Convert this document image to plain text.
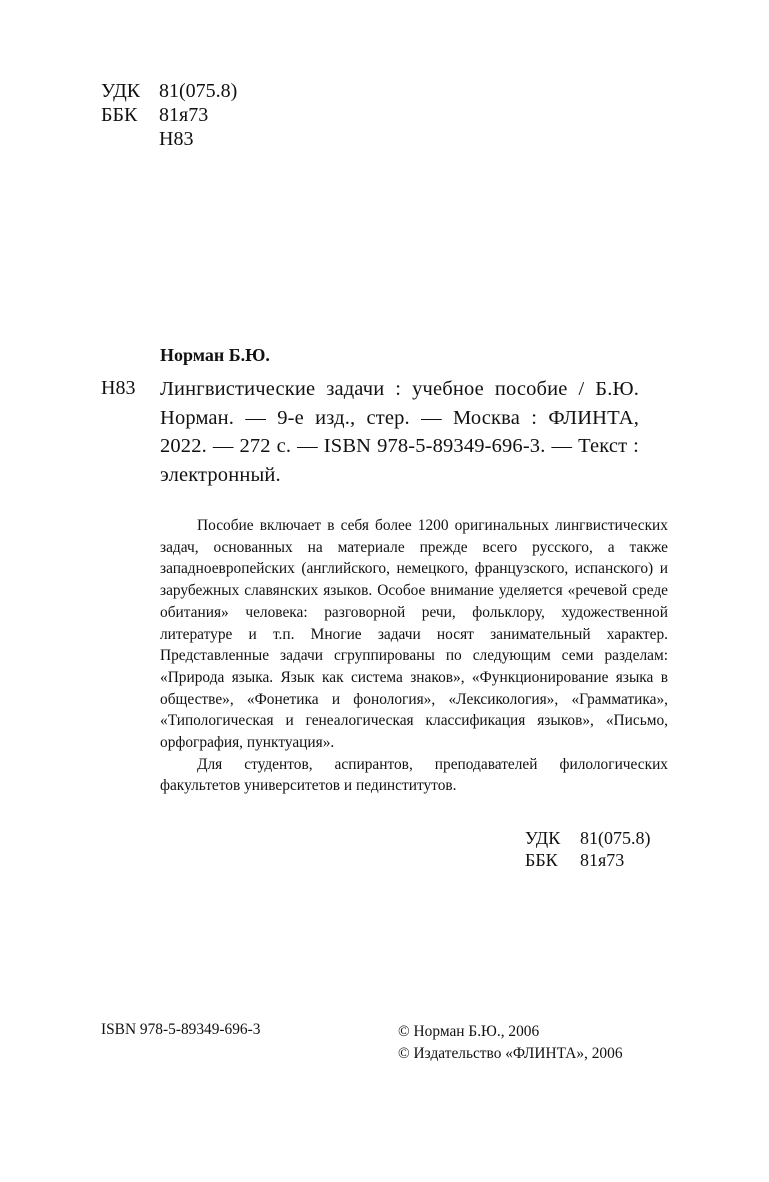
УДК 81(075.8)
ББК 81я73
Н83
Норман Б.Ю.
Н83 Лингвистические задачи : учебное пособие / Б.Ю. Норман. — 9-е изд., стер. — Москва : ФЛИНТА, 2022. — 272 с. — ISBN 978-5-89349-696-3. — Текст : электронный.

Пособие включает в себя более 1200 оригинальных лингвистических задач, основанных на материале прежде всего русского, а также западноевропейских (английского, немецкого, французского, испанского) и зарубежных славянских языков. Особое внимание уделяется «речевой среде обитания» человека: разговорной речи, фольклору, художественной литературе и т.п. Многие задачи носят занимательный характер. Представленные задачи сгруппированы по следующим семи разделам: «Природа языка. Язык как система знаков», «Функционирование языка в обществе», «Фонетика и фонология», «Лексикология», «Грамматика», «Типологическая и генеалогическая классификация языков», «Письмо, орфография, пунктуация».

Для студентов, аспирантов, преподавателей филологических факультетов университетов и пединститутов.

УДК 81(075.8)
ББК 81я73
ISBN 978-5-89349-696-3	© Норман Б.Ю., 2006
© Издательство «ФЛИНТА», 2006
